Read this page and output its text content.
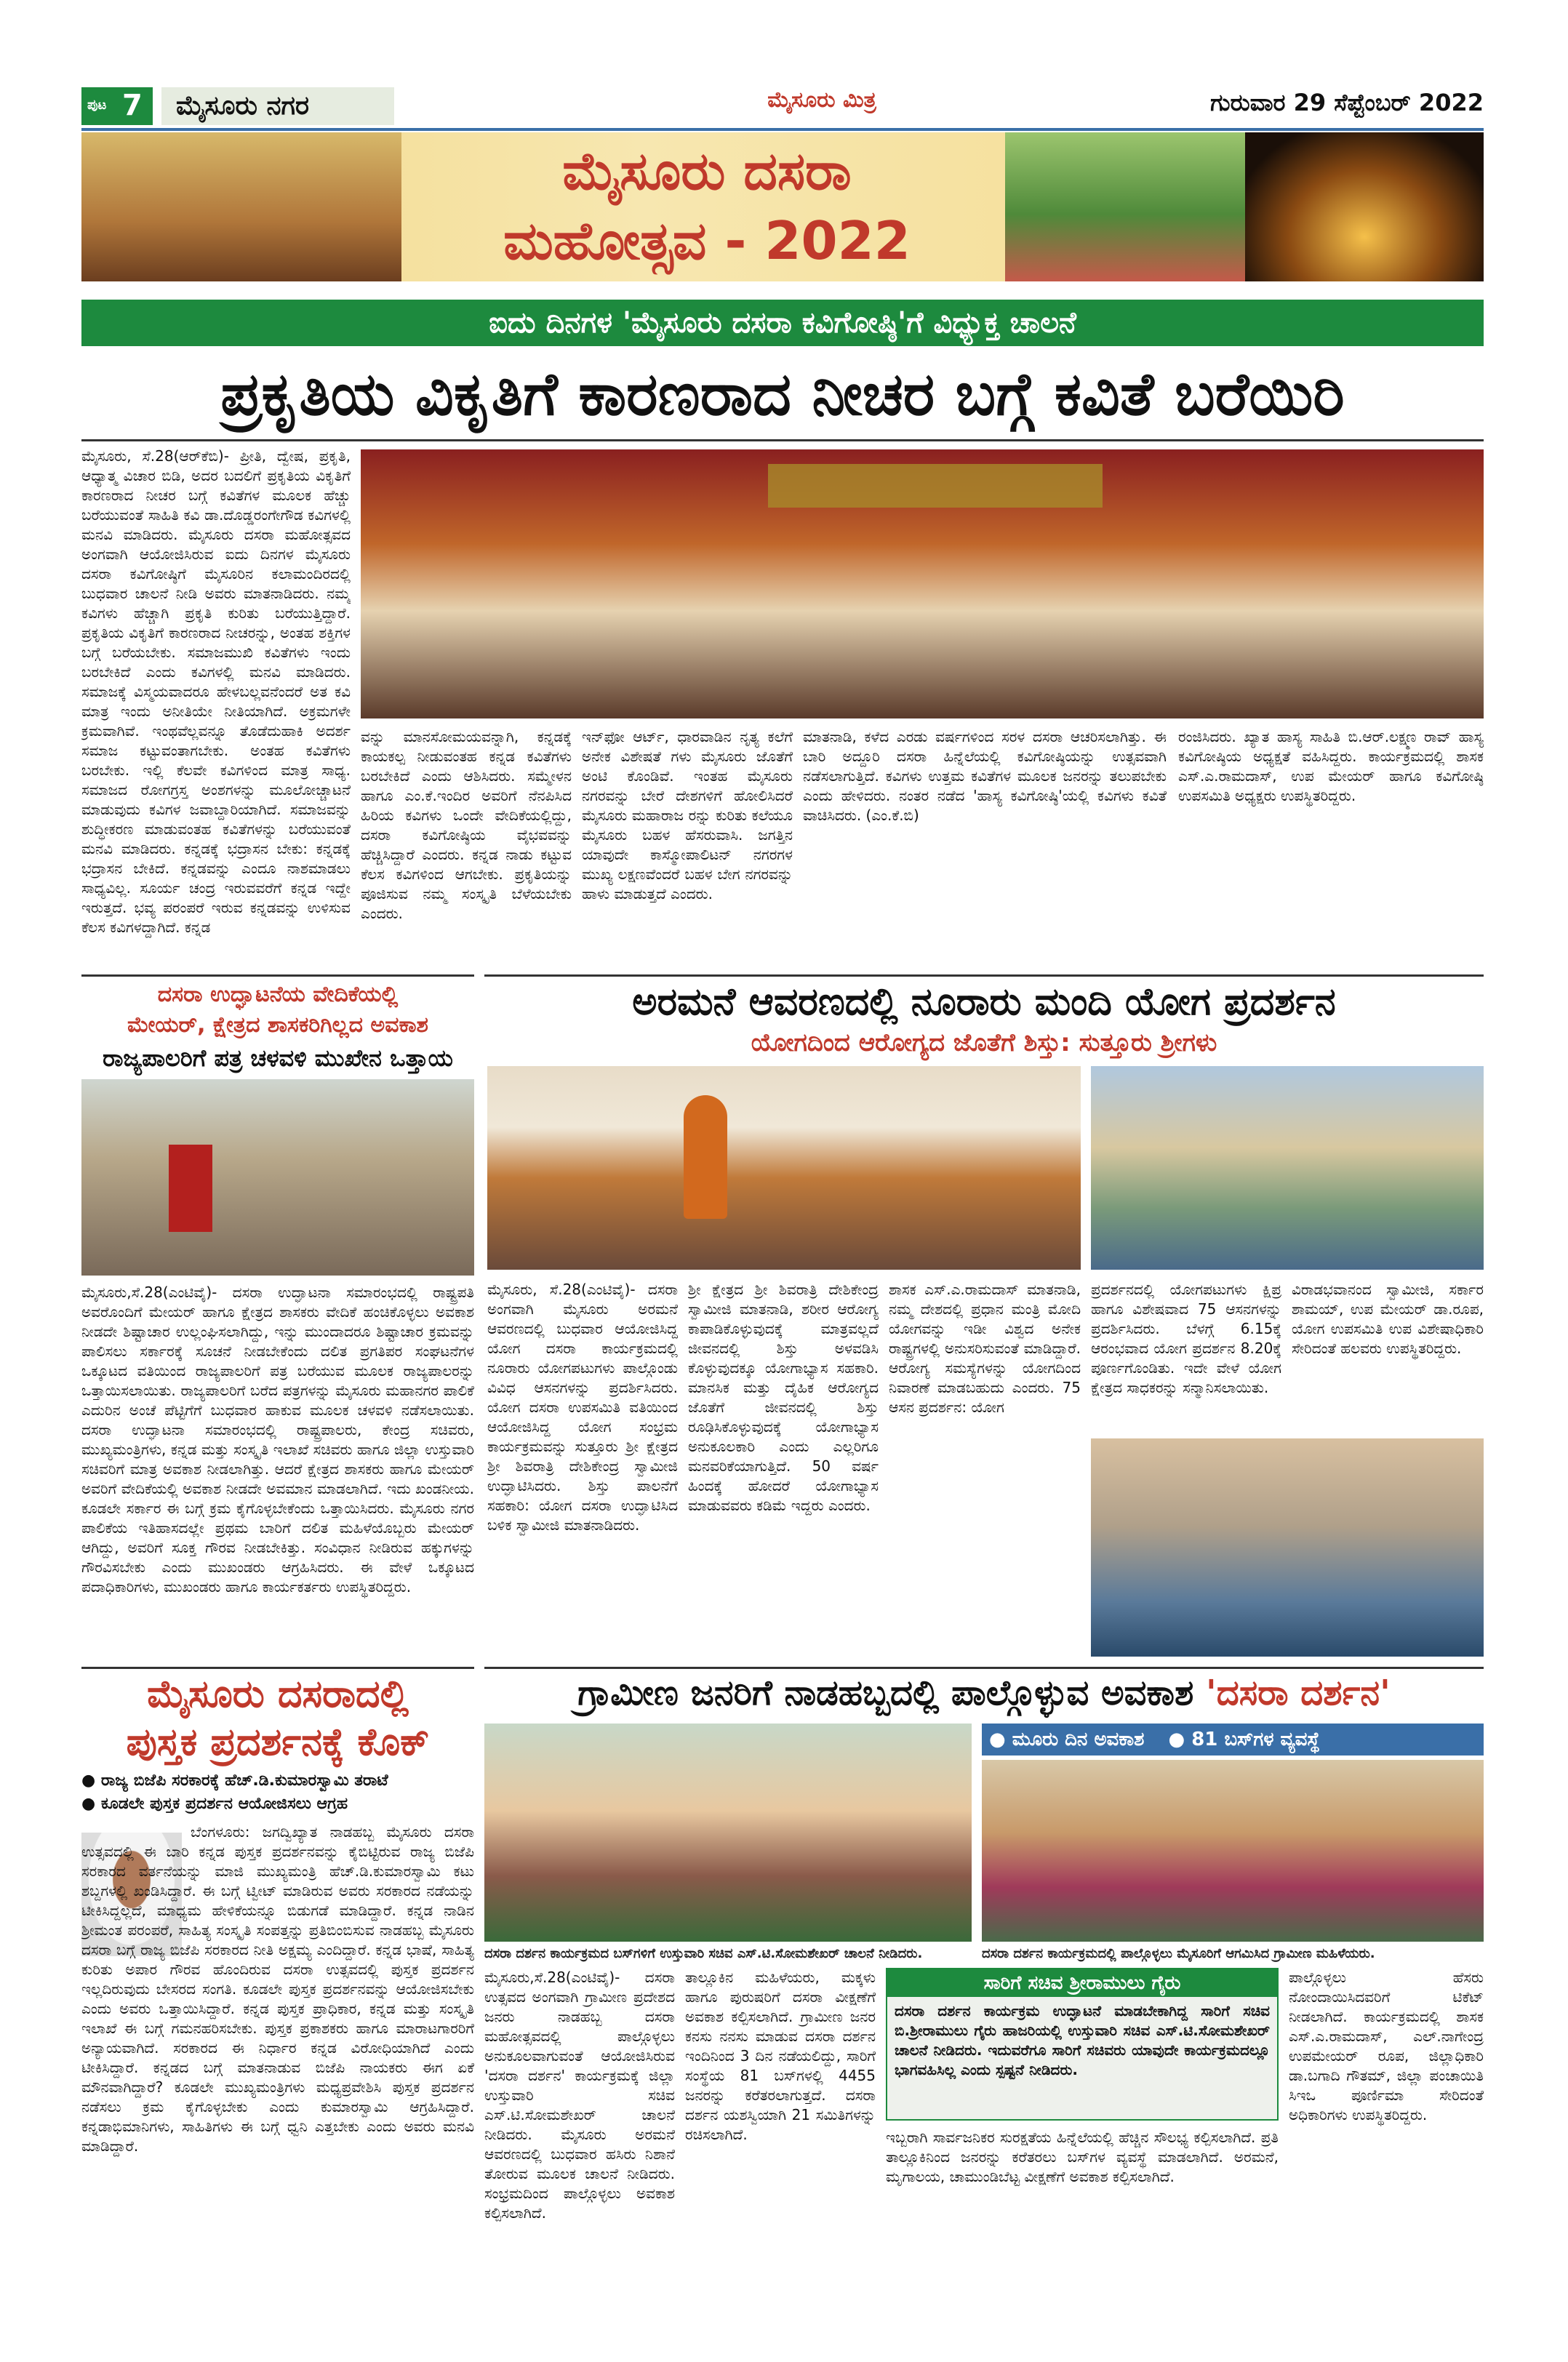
ಪುಟ 7	ಮೈಸೂರು ನಗರ	ಮೈಸೂರು ಮಿತ್ರ	ಗುರುವಾರ 29 ಸೆಪ್ಟೆಂಬರ್ 2022
ಮೈಸೂರು ದಸರಾ
ಮಹೋತ್ಸವ - 2022
ಐದು ದಿನಗಳ 'ಮೈಸೂರು ದಸರಾ ಕವಿಗೋಷ್ಠಿ'ಗೆ ವಿಧ್ಯುಕ್ತ ಚಾಲನೆ
ಪ್ರಕೃತಿಯ ವಿಕೃತಿಗೆ ಕಾರಣರಾದ ನೀಚರ ಬಗ್ಗೆ ಕವಿತೆ ಬರೆಯಿರಿ
ಮೈಸೂರು, ಸೆ.28(ಆರ್‌ಕೆಬಿ)- ಪ್ರೀತಿ, ದ್ವೇಷ, ಪ್ರಕೃತಿ, ಆಧ್ಯಾತ್ಮ ವಿಚಾರ ಬಿಡಿ, ಅದರ ಬದಲಿಗೆ ಪ್ರಕೃತಿಯ ವಿಕೃತಿಗೆ ಕಾರಣರಾದ ನೀಚರ ಬಗ್ಗೆ ಕವಿತೆಗಳ ಮೂಲಕ ಹೆಚ್ಚು ಬರೆಯುವಂತೆ ಸಾಹಿತಿ ಕವಿ ಡಾ.ದೊಡ್ಡರಂಗೇಗೌಡ ಕವಿಗಳಲ್ಲಿ ಮನವಿ ಮಾಡಿದರು. ಮೈಸೂರು ದಸರಾ ಮಹೋತ್ಸವದ ಅಂಗವಾಗಿ ಆಯೋಜಿಸಿರುವ ಐದು ದಿನಗಳ ಮೈಸೂರು ದಸರಾ ಕವಿಗೋಷ್ಠಿಗೆ ಮೈಸೂರಿನ ಕಲಾಮಂದಿರದಲ್ಲಿ ಬುಧವಾರ ಚಾಲನೆ ನೀಡಿ ಅವರು ಮಾತನಾಡಿದರು. ನಮ್ಮ ಕವಿಗಳು ಹೆಚ್ಚಾಗಿ ಪ್ರಕೃತಿ ಕುರಿತು ಬರೆಯುತ್ತಿದ್ದಾರೆ. ಪ್ರಕೃತಿಯ ವಿಕೃತಿಗೆ ಕಾರಣರಾದ ನೀಚರನ್ನು, ಅಂತಹ ಶಕ್ತಿಗಳ ಬಗ್ಗೆ ಬರೆಯಬೇಕು. ಸಮಾಜಮುಖಿ ಕವಿತೆಗಳು ಇಂದು ಬರಬೇಕಿದೆ ಎಂದು ಕವಿಗಳಲ್ಲಿ ಮನವಿ ಮಾಡಿದರು. ಸಮಾಜಕ್ಕೆ ವಿಸ್ಮಯವಾದರೂ ಹೇಳಬಲ್ಲವನೆಂದರೆ ಅತ ಕವಿ ಮಾತ್ರ ಇಂದು ಅನೀತಿಯೇ ನೀತಿಯಾಗಿದೆ. ಅಕ್ರಮಗಳೇ ಕ್ರಮವಾಗಿವೆ. ಇಂಥವೆಲ್ಲವನ್ನೂ ತೊಡೆದುಹಾಕಿ ಅದರ್ಶ ಸಮಾಜ ಕಟ್ಟುವಂತಾಗಬೇಕು. ಅಂತಹ ಕವಿತೆಗಳು ಬರಬೇಕು. ಇಲ್ಲಿ ಕೆಲವೇ ಕವಿಗಳಿಂದ ಮಾತ್ರ ಸಾಧ್ಯ. ಸಮಾಜದ ರೋಗಗ್ರಸ್ತ ಅಂಶಗಳನ್ನು ಮೂಲೋಚ್ಚಾಟನೆ ಮಾಡುವುದು ಕವಿಗಳ ಜವಾಬ್ದಾರಿಯಾಗಿದೆ. ಸಮಾಜವನ್ನು ಶುದ್ಧೀಕರಣ ಮಾಡುವಂತಹ ಕವಿತೆಗಳನ್ನು ಬರೆಯುವಂತೆ ಮನವಿ ಮಾಡಿದರು. ಕನ್ನಡಕ್ಕೆ ಭದ್ರಾಸನ ಬೇಕು: ಕನ್ನಡಕ್ಕೆ ಭದ್ರಾಸನ ಬೇಕಿದೆ. ಕನ್ನಡವನ್ನು ಎಂದೂ ನಾಶಮಾಡಲು ಸಾಧ್ಯವಿಲ್ಲ. ಸೂರ್ಯ ಚಂದ್ರ ಇರುವವರೆಗೆ ಕನ್ನಡ ಇದ್ದೇ ಇರುತ್ತದೆ. ಭವ್ಯ ಪರಂಪರೆ ಇರುವ ಕನ್ನಡವನ್ನು ಉಳಿಸುವ ಕೆಲಸ ಕವಿಗಳದ್ದಾಗಿದೆ. ಕನ್ನಡ
ವನ್ನು ಮಾನಸೋಮಯವನ್ನಾಗಿ, ಕನ್ನಡಕ್ಕೆ ಕಾಯಕಲ್ಪ ನೀಡುವಂತಹ ಕನ್ನಡ ಕವಿತೆಗಳು ಬರಬೇಕಿದೆ ಎಂದು ಆಶಿಸಿದರು. ಸಮ್ಮೇಳನ ಹಾಗೂ ಎಂ.ಕೆ.ಇಂದಿರ ಅವರಿಗೆ ನೆನಪಿಸಿದ ಹಿರಿಯ ಕವಿಗಳು ಒಂದೇ ವೇದಿಕೆಯಲ್ಲಿದ್ದು, ದಸರಾ ಕವಿಗೋಷ್ಠಿಯ ವೈಭವವನ್ನು ಹೆಚ್ಚಿಸಿದ್ದಾರೆ ಎಂದರು. ಕನ್ನಡ ನಾಡು ಕಟ್ಟುವ ಕೆಲಸ ಕವಿಗಳಿಂದ ಆಗಬೇಕು. ಪ್ರಕೃತಿಯನ್ನು ಪೂಜಿಸುವ ನಮ್ಮ ಸಂಸ್ಕೃತಿ ಬೆಳೆಯಬೇಕು ಎಂದರು.
ಇನ್‌ಫೋ ಆರ್ಟ್, ಧಾರವಾಡಿನ ನೃತ್ಯ ಕಲೆಗೆ ಅನೇಕ ವಿಶೇಷತೆ ಗಳು ಮೈಸೂರು ಜೊತೆಗೆ ಅಂಟಿ ಕೊಂಡಿವೆ. ಇಂತಹ ಮೈಸೂರು ನಗರವನ್ನು ಬೇರೆ ದೇಶಗಳಿಗೆ ಹೋಲಿಸಿದರೆ ಮೈಸೂರು ಮಹಾರಾಜ ರನ್ನು ಕುರಿತು ಕಲೆಯೂ ಮೈಸೂರು ಬಹಳ ಹೆಸರುವಾಸಿ. ಜಗತ್ತಿನ ಯಾವುದೇ ಕಾಸ್ಮೋಪಾಲಿಟನ್ ನಗರಗಳ ಮುಖ್ಯ ಲಕ್ಷಣವೆಂದರೆ ಬಹಳ ಬೇಗ ನಗರವನ್ನು ಹಾಳು ಮಾಡುತ್ತದೆ ಎಂದರು.
ಮಾತನಾಡಿ, ಕಳೆದ ಎರಡು ವರ್ಷಗಳಿಂದ ಸರಳ ದಸರಾ ಆಚರಿಸಲಾಗಿತ್ತು. ಈ ಬಾರಿ ಅದ್ದೂರಿ ದಸರಾ ಹಿನ್ನೆಲೆಯಲ್ಲಿ ಕವಿಗೋಷ್ಠಿಯನ್ನು ಉತ್ಸವವಾಗಿ ನಡೆಸಲಾಗುತ್ತಿದೆ. ಕವಿಗಳು ಉತ್ತಮ ಕವಿತೆಗಳ ಮೂಲಕ ಜನರನ್ನು ತಲುಪಬೇಕು ಎಂದು ಹೇಳಿದರು. ನಂತರ ನಡೆದ 'ಹಾಸ್ಯ ಕವಿಗೋಷ್ಠಿ'ಯಲ್ಲಿ ಕವಿಗಳು ಕವಿತೆ ವಾಚಿಸಿದರು. (ಎಂ.ಕೆ.ಬಿ)
ರಂಜಿಸಿದರು. ಖ್ಯಾತ ಹಾಸ್ಯ ಸಾಹಿತಿ ಬಿ.ಆರ್.ಲಕ್ಷ್ಮಣ ರಾವ್ ಹಾಸ್ಯ ಕವಿಗೋಷ್ಠಿಯ ಅಧ್ಯಕ್ಷತೆ ವಹಿಸಿದ್ದರು. ಕಾರ್ಯಕ್ರಮದಲ್ಲಿ ಶಾಸಕ ಎಸ್.ಎ.ರಾಮದಾಸ್, ಉಪ ಮೇಯರ್ ಹಾಗೂ ಕವಿಗೋಷ್ಠಿ ಉಪಸಮಿತಿ ಅಧ್ಯಕ್ಷರು ಉಪಸ್ಥಿತರಿದ್ದರು.
ದಸರಾ ಉದ್ಘಾಟನೆಯ ವೇದಿಕೆಯಲ್ಲಿ
ಮೇಯರ್, ಕ್ಷೇತ್ರದ ಶಾಸಕರಿಗಿಲ್ಲದ ಅವಕಾಶ
ರಾಜ್ಯಪಾಲರಿಗೆ ಪತ್ರ ಚಳವಳಿ ಮುಖೇನ ಒತ್ತಾಯ
ಮೈಸೂರು,ಸೆ.28(ಎಂಟಿವೈ)- ದಸರಾ ಉದ್ಘಾಟನಾ ಸಮಾರಂಭದಲ್ಲಿ ರಾಷ್ಟ್ರಪತಿ ಅವರೊಂದಿಗೆ ಮೇಯರ್ ಹಾಗೂ ಕ್ಷೇತ್ರದ ಶಾಸಕರು ವೇದಿಕೆ ಹಂಚಿಕೊಳ್ಳಲು ಅವಕಾಶ ನೀಡದೇ ಶಿಷ್ಟಾಚಾರ ಉಲ್ಲಂಘಿಸಲಾಗಿದ್ದು, ಇನ್ನು ಮುಂದಾದರೂ ಶಿಷ್ಟಾಚಾರ ಕ್ರಮವನ್ನು ಪಾಲಿಸಲು ಸರ್ಕಾರಕ್ಕೆ ಸೂಚನೆ ನೀಡಬೇಕೆಂದು ದಲಿತ ಪ್ರಗತಿಪರ ಸಂಘಟನೆಗಳ ಒಕ್ಕೂಟದ ವತಿಯಿಂದ ರಾಜ್ಯಪಾಲರಿಗೆ ಪತ್ರ ಬರೆಯುವ ಮೂಲಕ ರಾಜ್ಯಪಾಲರನ್ನು ಒತ್ತಾಯಿಸಲಾಯಿತು. ರಾಜ್ಯಪಾಲರಿಗೆ ಬರೆದ ಪತ್ರಗಳನ್ನು ಮೈಸೂರು ಮಹಾನಗರ ಪಾಲಿಕೆ ಎದುರಿನ ಅಂಚೆ ಪೆಟ್ಟಿಗೆಗೆ ಬುಧವಾರ ಹಾಕುವ ಮೂಲಕ ಚಳವಳಿ ನಡೆಸಲಾಯಿತು. ದಸರಾ ಉದ್ಘಾಟನಾ ಸಮಾರಂಭದಲ್ಲಿ ರಾಷ್ಟ್ರಪಾಲರು, ಕೇಂದ್ರ ಸಚಿವರು, ಮುಖ್ಯಮಂತ್ರಿಗಳು, ಕನ್ನಡ ಮತ್ತು ಸಂಸ್ಕೃತಿ ಇಲಾಖೆ ಸಚಿವರು ಹಾಗೂ ಜಿಲ್ಲಾ ಉಸ್ತುವಾರಿ ಸಚಿವರಿಗೆ ಮಾತ್ರ ಅವಕಾಶ ನೀಡಲಾಗಿತ್ತು. ಆದರೆ ಕ್ಷೇತ್ರದ ಶಾಸಕರು ಹಾಗೂ ಮೇಯರ್ ಅವರಿಗೆ ವೇದಿಕೆಯಲ್ಲಿ ಅವಕಾಶ ನೀಡದೇ ಅವಮಾನ ಮಾಡಲಾಗಿದೆ. ಇದು ಖಂಡನೀಯ. ಕೂಡಲೇ ಸರ್ಕಾರ ಈ ಬಗ್ಗೆ ಕ್ರಮ ಕೈಗೊಳ್ಳಬೇಕೆಂದು ಒತ್ತಾಯಿಸಿದರು. ಮೈಸೂರು ನಗರ ಪಾಲಿಕೆಯ ಇತಿಹಾಸದಲ್ಲೇ ಪ್ರಥಮ ಬಾರಿಗೆ ದಲಿತ ಮಹಿಳೆಯೊಬ್ಬರು ಮೇಯರ್ ಆಗಿದ್ದು, ಅವರಿಗೆ ಸೂಕ್ತ ಗೌರವ ನೀಡಬೇಕಿತ್ತು. ಸಂವಿಧಾನ ನೀಡಿರುವ ಹಕ್ಕುಗಳನ್ನು ಗೌರವಿಸಬೇಕು ಎಂದು ಮುಖಂಡರು ಆಗ್ರಹಿಸಿದರು. ಈ ವೇಳೆ ಒಕ್ಕೂಟದ ಪದಾಧಿಕಾರಿಗಳು, ಮುಖಂಡರು ಹಾಗೂ ಕಾರ್ಯಕರ್ತರು ಉಪಸ್ಥಿತರಿದ್ದರು.
ಅರಮನೆ ಆವರಣದಲ್ಲಿ ನೂರಾರು ಮಂದಿ ಯೋಗ ಪ್ರದರ್ಶನ
ಯೋಗದಿಂದ ಆರೋಗ್ಯದ ಜೊತೆಗೆ ಶಿಸ್ತು: ಸುತ್ತೂರು ಶ್ರೀಗಳು
ಮೈಸೂರು, ಸೆ.28(ಎಂಟಿವೈ)- ದಸರಾ ಅಂಗವಾಗಿ ಮೈಸೂರು ಅರಮನೆ ಆವರಣದಲ್ಲಿ ಬುಧವಾರ ಆಯೋಜಿಸಿದ್ದ ಯೋಗ ದಸರಾ ಕಾರ್ಯಕ್ರಮದಲ್ಲಿ ನೂರಾರು ಯೋಗಪಟುಗಳು ಪಾಲ್ಗೊಂಡು ವಿವಿಧ ಆಸನಗಳನ್ನು ಪ್ರದರ್ಶಿಸಿದರು. ಯೋಗ ದಸರಾ ಉಪಸಮಿತಿ ವತಿಯಿಂದ ಆಯೋಜಿಸಿದ್ದ ಯೋಗ ಸಂಭ್ರಮ ಕಾರ್ಯಕ್ರಮವನ್ನು ಸುತ್ತೂರು ಶ್ರೀ ಕ್ಷೇತ್ರದ ಶ್ರೀ ಶಿವರಾತ್ರಿ ದೇಶಿಕೇಂದ್ರ ಸ್ವಾಮೀಜಿ ಉದ್ಘಾಟಿಸಿದರು. ಶಿಸ್ತು ಪಾಲನೆಗೆ ಸಹಕಾರಿ: ಯೋಗ ದಸರಾ ಉದ್ಘಾಟಿಸಿದ ಬಳಿಕ ಸ್ವಾಮೀಜಿ ಮಾತನಾಡಿದರು.
ಶ್ರೀ ಕ್ಷೇತ್ರದ ಶ್ರೀ ಶಿವರಾತ್ರಿ ದೇಶಿಕೇಂದ್ರ ಸ್ವಾಮೀಜಿ ಮಾತನಾಡಿ, ಶರೀರ ಆರೋಗ್ಯ ಕಾಪಾಡಿಕೊಳ್ಳುವುದಕ್ಕೆ ಮಾತ್ರವಲ್ಲದೆ ಜೀವನದಲ್ಲಿ ಶಿಸ್ತು ಅಳವಡಿಸಿ ಕೊಳ್ಳುವುದಕ್ಕೂ ಯೋಗಾಭ್ಯಾಸ ಸಹಕಾರಿ. ಮಾನಸಿಕ ಮತ್ತು ದೈಹಿಕ ಆರೋಗ್ಯದ ಜೊತೆಗೆ ಜೀವನದಲ್ಲಿ ಶಿಸ್ತು ರೂಢಿಸಿಕೊಳ್ಳುವುದಕ್ಕೆ ಯೋಗಾಭ್ಯಾಸ ಅನುಕೂಲಕಾರಿ ಎಂದು ಎಲ್ಲರಿಗೂ ಮನವರಿಕೆಯಾಗುತ್ತಿದೆ. 50 ವರ್ಷ ಹಿಂದಕ್ಕೆ ಹೋದರೆ ಯೋಗಾಭ್ಯಾಸ ಮಾಡುವವರು ಕಡಿಮೆ ಇದ್ದರು ಎಂದರು.
ಶಾಸಕ ಎಸ್.ಎ.ರಾಮದಾಸ್ ಮಾತನಾಡಿ, ನಮ್ಮ ದೇಶದಲ್ಲಿ ಪ್ರಧಾನ ಮಂತ್ರಿ ಮೋದಿ ಯೋಗವನ್ನು ಇಡೀ ವಿಶ್ವದ ಅನೇಕ ರಾಷ್ಟ್ರಗಳಲ್ಲಿ ಅನುಸರಿಸುವಂತೆ ಮಾಡಿದ್ದಾರೆ. ಆರೋಗ್ಯ ಸಮಸ್ಯೆಗಳನ್ನು ಯೋಗದಿಂದ ನಿವಾರಣೆ ಮಾಡಬಹುದು ಎಂದರು. 75 ಆಸನ ಪ್ರದರ್ಶನ: ಯೋಗ
ಪ್ರದರ್ಶನದಲ್ಲಿ ಯೋಗಪಟುಗಳು ಕ್ಷಿಪ್ರ ಹಾಗೂ ವಿಶೇಷವಾದ 75 ಆಸನಗಳನ್ನು ಪ್ರದರ್ಶಿಸಿದರು. ಬೆಳಗ್ಗೆ 6.15ಕ್ಕೆ ಆರಂಭವಾದ ಯೋಗ ಪ್ರದರ್ಶನ 8.20ಕ್ಕೆ ಪೂರ್ಣಗೊಂಡಿತು. ಇದೇ ವೇಳೆ ಯೋಗ ಕ್ಷೇತ್ರದ ಸಾಧಕರನ್ನು ಸನ್ಮಾನಿಸಲಾಯಿತು.
ವಿರಾಡಭವಾನಂದ ಸ್ವಾಮೀಜಿ, ಸರ್ಕಾರ ಶಾಮಯ್, ಉಪ ಮೇಯರ್ ಡಾ.ರೂಪ, ಯೋಗ ಉಪಸಮಿತಿ ಉಪ ವಿಶೇಷಾಧಿಕಾರಿ ಸೇರಿದಂತೆ ಹಲವರು ಉಪಸ್ಥಿತರಿದ್ದರು.
ಮೈಸೂರು ದಸರಾದಲ್ಲಿ
ಪುಸ್ತಕ ಪ್ರದರ್ಶನಕ್ಕೆ ಕೊಕ್
● ರಾಜ್ಯ ಬಿಜೆಪಿ ಸರಕಾರಕ್ಕೆ ಹೆಚ್.ಡಿ.ಕುಮಾರಸ್ವಾಮಿ ತರಾಟೆ
● ಕೂಡಲೇ ಪುಸ್ತಕ ಪ್ರದರ್ಶನ ಆಯೋಜಿಸಲು ಆಗ್ರಹ
ಬೆಂಗಳೂರು: ಜಗದ್ವಿಖ್ಯಾತ ನಾಡಹಬ್ಬ ಮೈಸೂರು ದಸರಾ ಉತ್ಸವದಲ್ಲಿ ಈ ಬಾರಿ ಕನ್ನಡ ಪುಸ್ತಕ ಪ್ರದರ್ಶನವನ್ನು ಕೈಬಿಟ್ಟಿರುವ ರಾಜ್ಯ ಬಿಜೆಪಿ ಸರಕಾರದ ವರ್ತನೆಯನ್ನು ಮಾಜಿ ಮುಖ್ಯಮಂತ್ರಿ ಹೆಚ್.ಡಿ.ಕುಮಾರಸ್ವಾಮಿ ಕಟು ಶಬ್ದಗಳಲ್ಲಿ ಖಂಡಿಸಿದ್ದಾರೆ. ಈ ಬಗ್ಗೆ ಟ್ವೀಟ್ ಮಾಡಿರುವ ಅವರು ಸರಕಾರದ ನಡೆಯನ್ನು ಟೀಕಿಸಿದ್ದಲ್ಲದೆ, ಮಾಧ್ಯಮ ಹೇಳಿಕೆಯನ್ನೂ ಬಿಡುಗಡೆ ಮಾಡಿದ್ದಾರೆ. ಕನ್ನಡ ನಾಡಿನ ಶ್ರೀಮಂತ ಪರಂಪರೆ, ಸಾಹಿತ್ಯ ಸಂಸ್ಕೃತಿ ಸಂಪತ್ತನ್ನು ಪ್ರತಿಬಿಂಬಿಸುವ ನಾಡಹಬ್ಬ ಮೈಸೂರು ದಸರಾ ಬಗ್ಗೆ ರಾಜ್ಯ ಬಿಜೆಪಿ ಸರಕಾರದ ನೀತಿ ಅಕ್ಷಮ್ಯ ಎಂದಿದ್ದಾರೆ. ಕನ್ನಡ ಭಾಷೆ, ಸಾಹಿತ್ಯ ಕುರಿತು ಅಪಾರ ಗೌರವ ಹೊಂದಿರುವ ದಸರಾ ಉತ್ಸವದಲ್ಲಿ ಪುಸ್ತಕ ಪ್ರದರ್ಶನ ಇಲ್ಲದಿರುವುದು ಬೇಸರದ ಸಂಗತಿ. ಕೂಡಲೇ ಪುಸ್ತಕ ಪ್ರದರ್ಶನವನ್ನು ಆಯೋಜಿಸಬೇಕು ಎಂದು ಅವರು ಒತ್ತಾಯಿಸಿದ್ದಾರೆ. ಕನ್ನಡ ಪುಸ್ತಕ ಪ್ರಾಧಿಕಾರ, ಕನ್ನಡ ಮತ್ತು ಸಂಸ್ಕೃತಿ ಇಲಾಖೆ ಈ ಬಗ್ಗೆ ಗಮನಹರಿಸಬೇಕು. ಪುಸ್ತಕ ಪ್ರಕಾಶಕರು ಹಾಗೂ ಮಾರಾಟಗಾರರಿಗೆ ಅನ್ಯಾಯವಾಗಿದೆ. ಸರಕಾರದ ಈ ನಿರ್ಧಾರ ಕನ್ನಡ ವಿರೋಧಿಯಾಗಿದೆ ಎಂದು ಟೀಕಿಸಿದ್ದಾರೆ. ಕನ್ನಡದ ಬಗ್ಗೆ ಮಾತನಾಡುವ ಬಿಜೆಪಿ ನಾಯಕರು ಈಗ ಏಕೆ ಮೌನವಾಗಿದ್ದಾರೆ? ಕೂಡಲೇ ಮುಖ್ಯಮಂತ್ರಿಗಳು ಮಧ್ಯಪ್ರವೇಶಿಸಿ ಪುಸ್ತಕ ಪ್ರದರ್ಶನ ನಡೆಸಲು ಕ್ರಮ ಕೈಗೊಳ್ಳಬೇಕು ಎಂದು ಕುಮಾರಸ್ವಾಮಿ ಆಗ್ರಹಿಸಿದ್ದಾರೆ. ಕನ್ನಡಾಭಿಮಾನಿಗಳು, ಸಾಹಿತಿಗಳು ಈ ಬಗ್ಗೆ ಧ್ವನಿ ಎತ್ತಬೇಕು ಎಂದು ಅವರು ಮನವಿ ಮಾಡಿದ್ದಾರೆ.
ಗ್ರಾಮೀಣ ಜನರಿಗೆ ನಾಡಹಬ್ಬದಲ್ಲಿ ಪಾಲ್ಗೊಳ್ಳುವ ಅವಕಾಶ 'ದಸರಾ ದರ್ಶನ'
● ಮೂರು ದಿನ ಅವಕಾಶ ● 81 ಬಸ್‌ಗಳ ವ್ಯವಸ್ಥೆ
ದಸರಾ ದರ್ಶನ ಕಾರ್ಯಕ್ರಮದ ಬಸ್‌ಗಳಿಗೆ ಉಸ್ತುವಾರಿ ಸಚಿವ ಎಸ್.ಟಿ.ಸೋಮಶೇಖರ್ ಚಾಲನೆ ನೀಡಿದರು.	ದಸರಾ ದರ್ಶನ ಕಾರ್ಯಕ್ರಮದಲ್ಲಿ ಪಾಲ್ಗೊಳ್ಳಲು ಮೈಸೂರಿಗೆ ಆಗಮಿಸಿದ ಗ್ರಾಮೀಣ ಮಹಿಳೆಯರು.
ಮೈಸೂರು,ಸೆ.28(ಎಂಟಿವೈ)- ದಸರಾ ಉತ್ಸವದ ಅಂಗವಾಗಿ ಗ್ರಾಮೀಣ ಪ್ರದೇಶದ ಜನರು ನಾಡಹಬ್ಬ ದಸರಾ ಮಹೋತ್ಸವದಲ್ಲಿ ಪಾಲ್ಗೊಳ್ಳಲು ಅನುಕೂಲವಾಗುವಂತೆ ಆಯೋಜಿಸಿರುವ 'ದಸರಾ ದರ್ಶನ' ಕಾರ್ಯಕ್ರಮಕ್ಕೆ ಜಿಲ್ಲಾ ಉಸ್ತುವಾರಿ ಸಚಿವ ಎಸ್.ಟಿ.ಸೋಮಶೇಖರ್ ಚಾಲನೆ ನೀಡಿದರು. ಮೈಸೂರು ಅರಮನೆ ಆವರಣದಲ್ಲಿ ಬುಧವಾರ ಹಸಿರು ನಿಶಾನೆ ತೋರುವ ಮೂಲಕ ಚಾಲನೆ ನೀಡಿದರು. ಸಂಭ್ರಮದಿಂದ ಪಾಲ್ಗೊಳ್ಳಲು ಅವಕಾಶ ಕಲ್ಪಿಸಲಾಗಿದೆ.
ತಾಲ್ಲೂಕಿನ ಮಹಿಳೆಯರು, ಮಕ್ಕಳು ಹಾಗೂ ಪುರುಷರಿಗೆ ದಸರಾ ವೀಕ್ಷಣೆಗೆ ಅವಕಾಶ ಕಲ್ಪಿಸಲಾಗಿದೆ. ಗ್ರಾಮೀಣ ಜನರ ಕನಸು ನನಸು ಮಾಡುವ ದಸರಾ ದರ್ಶನ ಇಂದಿನಿಂದ 3 ದಿನ ನಡೆಯಲಿದ್ದು, ಸಾರಿಗೆ ಸಂಸ್ಥೆಯ 81 ಬಸ್‌ಗಳಲ್ಲಿ 4455 ಜನರನ್ನು ಕರೆತರಲಾಗುತ್ತದೆ. ದಸರಾ ದರ್ಶನ ಯಶಸ್ವಿಯಾಗಿ 21 ಸಮಿತಿಗಳನ್ನು ರಚಿಸಲಾಗಿದೆ.
ಸಾರಿಗೆ ಸಚಿವ ಶ್ರೀರಾಮುಲು ಗೈರು
ದಸರಾ ದರ್ಶನ ಕಾರ್ಯಕ್ರಮ ಉದ್ಘಾಟನೆ ಮಾಡಬೇಕಾಗಿದ್ದ ಸಾರಿಗೆ ಸಚಿವ ಬಿ.ಶ್ರೀರಾಮುಲು ಗೈರು ಹಾಜರಿಯಲ್ಲಿ ಉಸ್ತುವಾರಿ ಸಚಿವ ಎಸ್.ಟಿ.ಸೋಮಶೇಖರ್ ಚಾಲನೆ ನೀಡಿದರು. ಇದುವರೆಗೂ ಸಾರಿಗೆ ಸಚಿವರು ಯಾವುದೇ ಕಾರ್ಯಕ್ರಮದಲ್ಲೂ ಭಾಗವಹಿಸಿಲ್ಲ ಎಂದು ಸ್ಪಷ್ಟನೆ ನೀಡಿದರು.
ಇಬ್ಬರಾಗಿ ಸಾರ್ವಜನಿಕರ ಸುರಕ್ಷತೆಯ ಹಿನ್ನೆಲೆಯಲ್ಲಿ ಹೆಚ್ಚಿನ ಸೌಲಭ್ಯ ಕಲ್ಪಿಸಲಾಗಿದೆ. ಪ್ರತಿ ತಾಲ್ಲೂಕಿನಿಂದ ಜನರನ್ನು ಕರೆತರಲು ಬಸ್‌ಗಳ ವ್ಯವಸ್ಥೆ ಮಾಡಲಾಗಿದೆ. ಅರಮನೆ, ಮೃಗಾಲಯ, ಚಾಮುಂಡಿಬೆಟ್ಟ ವೀಕ್ಷಣೆಗೆ ಅವಕಾಶ ಕಲ್ಪಿಸಲಾಗಿದೆ.
ಪಾಲ್ಗೊಳ್ಳಲು ಹೆಸರು ನೋಂದಾಯಿಸಿದವರಿಗೆ ಟಿಕೆಟ್ ನೀಡಲಾಗಿದೆ. ಕಾರ್ಯಕ್ರಮದಲ್ಲಿ ಶಾಸಕ ಎಸ್.ಎ.ರಾಮದಾಸ್, ಎಲ್.ನಾಗೇಂದ್ರ ಉಪಮೇಯರ್ ರೂಪ, ಜಿಲ್ಲಾಧಿಕಾರಿ ಡಾ.ಬಗಾದಿ ಗೌತಮ್, ಜಿಲ್ಲಾ ಪಂಚಾಯಿತಿ ಸಿಇಒ ಪೂರ್ಣಿಮಾ ಸೇರಿದಂತೆ ಅಧಿಕಾರಿಗಳು ಉಪಸ್ಥಿತರಿದ್ದರು.
